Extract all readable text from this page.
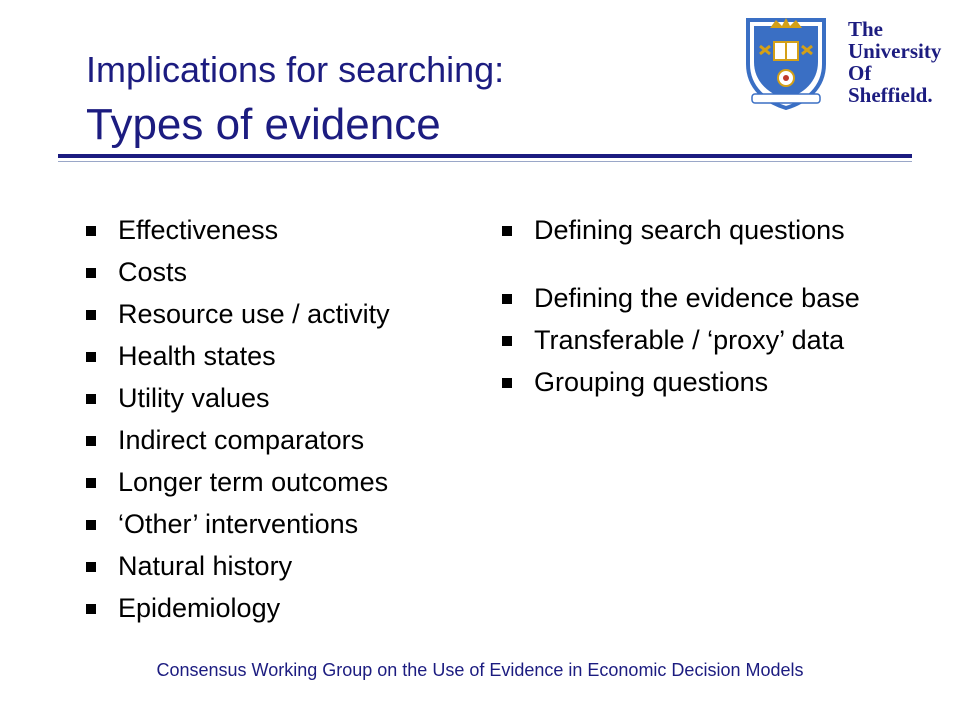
Implications for searching:
Types of evidence
The
University
Of
Sheffield.
Effectiveness
Costs
Resource use / activity
Health states
Utility values
Indirect comparators
Longer term outcomes
‘Other’ interventions
Natural history
Epidemiology
Defining search questions
Defining the evidence base
Transferable / ‘proxy’ data
Grouping questions
Consensus Working Group on the Use of Evidence in Economic Decision Models
